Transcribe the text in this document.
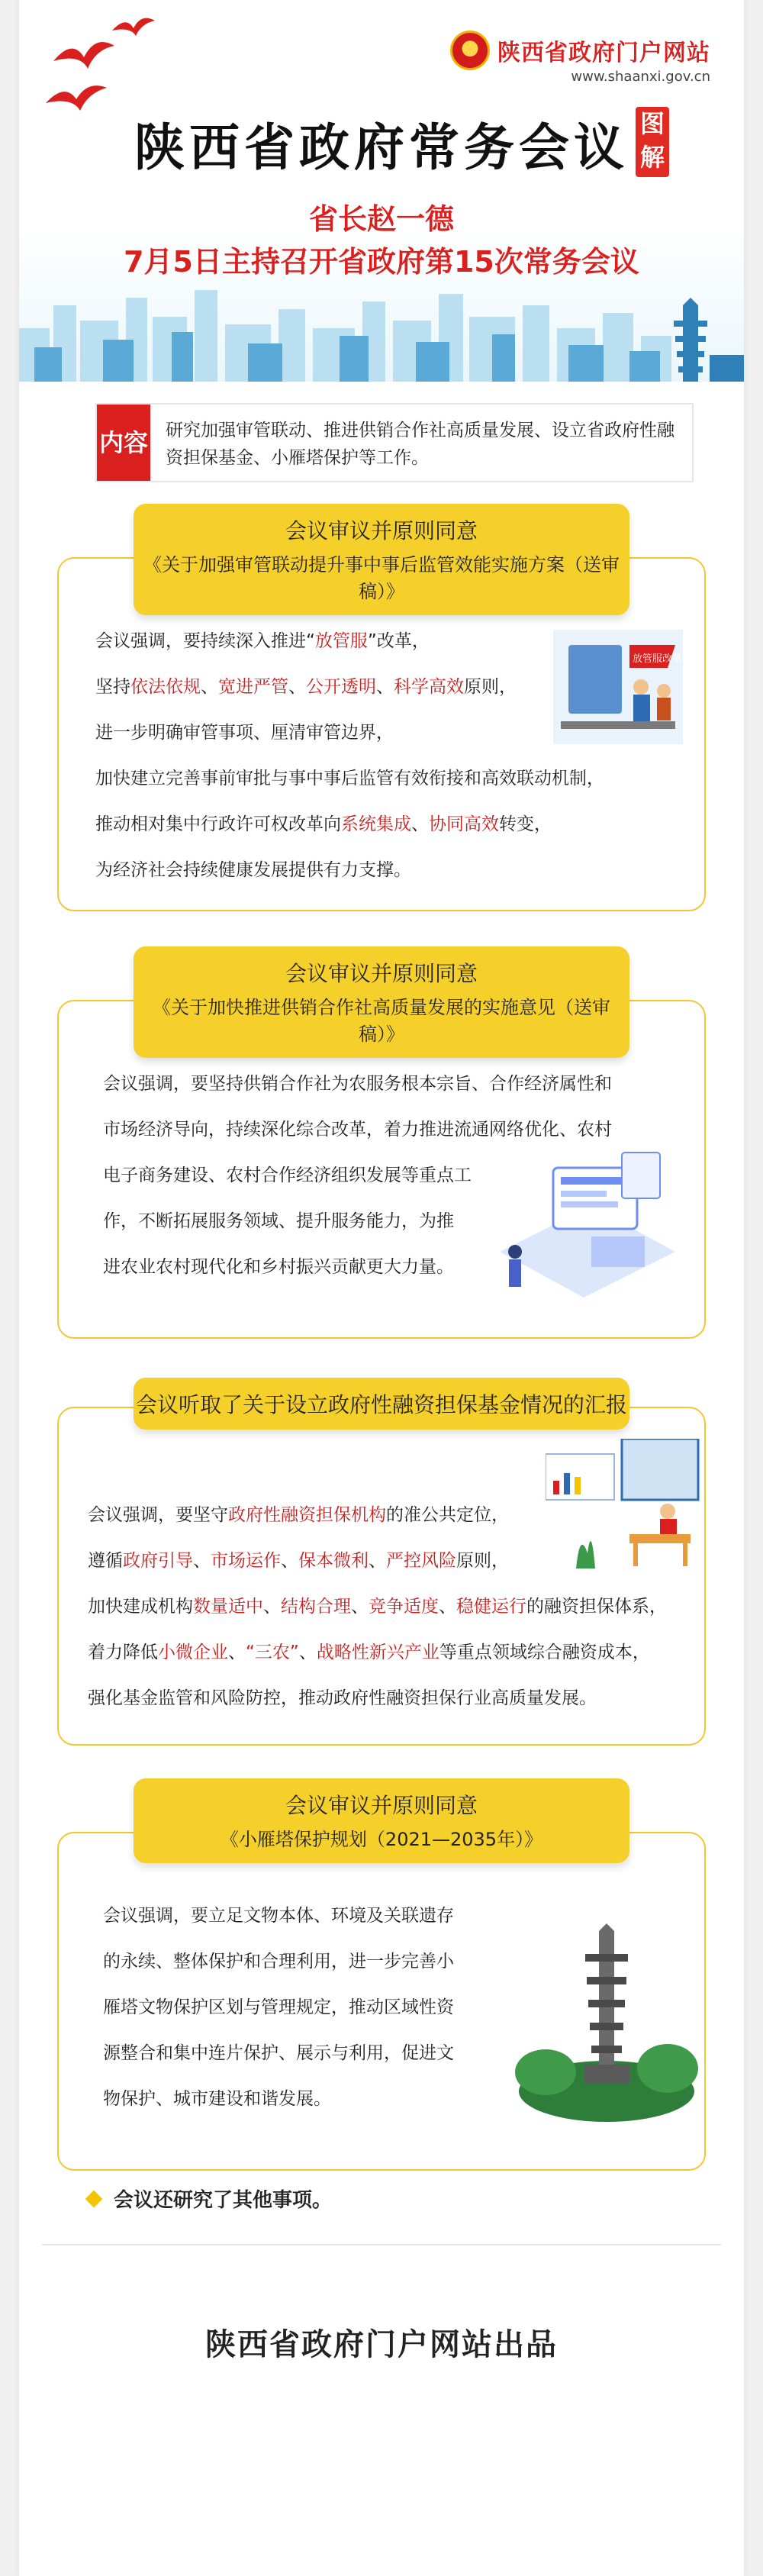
陕西省政府门户网站
www.shaanxi.gov.cn
陕西省政府常务会议 图解
省长赵一德
7月5日主持召开省政府第15次常务会议
内容	研究加强审管联动、推进供销合作社高质量发展、设立省政府性融资担保基金、小雁塔保护等工作。
会议审议并原则同意
《关于加强审管联动提升事中事后监管效能实施方案（送审稿）》
会议强调，要持续深入推进“放管服”改革，
坚持依法依规、宽进严管、公开透明、科学高效原则，
进一步明确审管事项、厘清审管边界，
加快建立完善事前审批与事中事后监管有效衔接和高效联动机制，
推动相对集中行政许可权改革向系统集成、协同高效转变，
为经济社会持续健康发展提供有力支撑。
放管服改革
会议审议并原则同意
《关于加快推进供销合作社高质量发展的实施意见（送审稿）》
会议强调，要坚持供销合作社为农服务根本宗旨、合作经济属性和
市场经济导向，持续深化综合改革，着力推进流通网络优化、农村
电子商务建设、农村合作经济组织发展等重点工
作，不断拓展服务领域、提升服务能力，为推
进农业农村现代化和乡村振兴贡献更大力量。
会议听取了关于设立政府性融资担保基金情况的汇报
会议强调，要坚守政府性融资担保机构的准公共定位，
遵循政府引导、市场运作、保本微利、严控风险原则，
加快建成机构数量适中、结构合理、竞争适度、稳健运行的融资担保体系，
着力降低小微企业、“三农”、战略性新兴产业等重点领域综合融资成本，
强化基金监管和风险防控，推动政府性融资担保行业高质量发展。
会议审议并原则同意
《小雁塔保护规划（2021—2035年）》
会议强调，要立足文物本体、环境及关联遗存
的永续、整体保护和合理利用，进一步完善小
雁塔文物保护区划与管理规定，推动区域性资
源整合和集中连片保护、展示与利用，促进文
物保护、城市建设和谐发展。
会议还研究了其他事项。
陕西省政府门户网站出品
